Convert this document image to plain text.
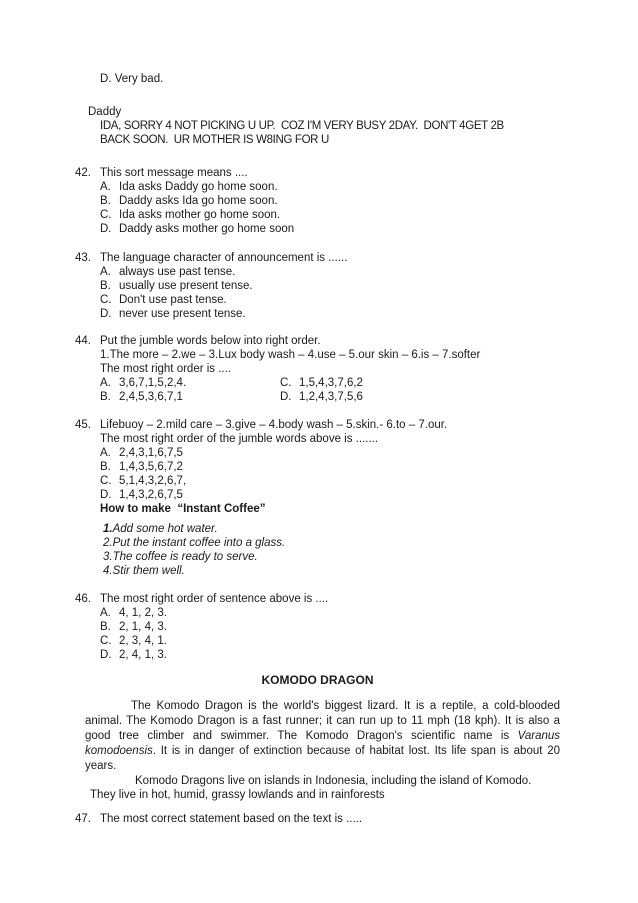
D. Very bad.
Daddy
IDA, SORRY 4 NOT PICKING U UP.  COZ I'M VERY BUSY 2DAY.  DON'T 4GET 2B
BACK SOON.  UR MOTHER IS W8ING FOR U
42. This sort message means ....
A. Ida asks Daddy go home soon.
B. Daddy asks Ida go home soon.
C. Ida asks mother go home soon.
D. Daddy asks mother go home soon
43. The language character of announcement is ......
A. always use past tense.
B. usually use present tense.
C. Don't use past tense.
D. never use present tense.
44. Put the jumble words below into right order.
1.The more – 2.we – 3.Lux body wash – 4.use – 5.our skin – 6.is – 7.softer
The most right order is ....
A. 3,6,7,1,5,2,4.
B. 2,4,5,3,6,7,1
C. 1,5,4,3,7,6,2
D. 1,2,4,3,7,5,6
45. Lifebuoy – 2.mild care – 3.give – 4.body wash – 5.skin.- 6.to – 7.our.
The most right order of the jumble words above is .......
A. 2,4,3,1,6,7,5
B. 1,4,3,5,6,7,2
C. 5,1,4,3,2,6,7,
D. 1,4,3,2,6,7,5
How to make  “Instant Coffee”
1. Add some hot water.
2. Put the instant coffee into a glass.
3. The coffee is ready to serve.
4. Stir them well.
46. The most right order of sentence above is ....
A. 4, 1, 2, 3.
B. 2, 1, 4, 3.
C. 2, 3, 4, 1.
D. 2, 4, 1, 3.
KOMODO DRAGON

The Komodo Dragon is the world's biggest lizard. It is a reptile, a cold-blooded animal. The Komodo Dragon is a fast runner; it can run up to 11 mph (18 kph). It is also a good tree climber and swimmer. The Komodo Dragon's scientific name is Varanus komodoensis. It is in danger of extinction because of habitat lost. Its life span is about 20 years.

Komodo Dragons live on islands in Indonesia, including the island of Komodo.

They live in hot, humid, grassy lowlands and in rainforests

47. The most correct statement based on the text is .....
